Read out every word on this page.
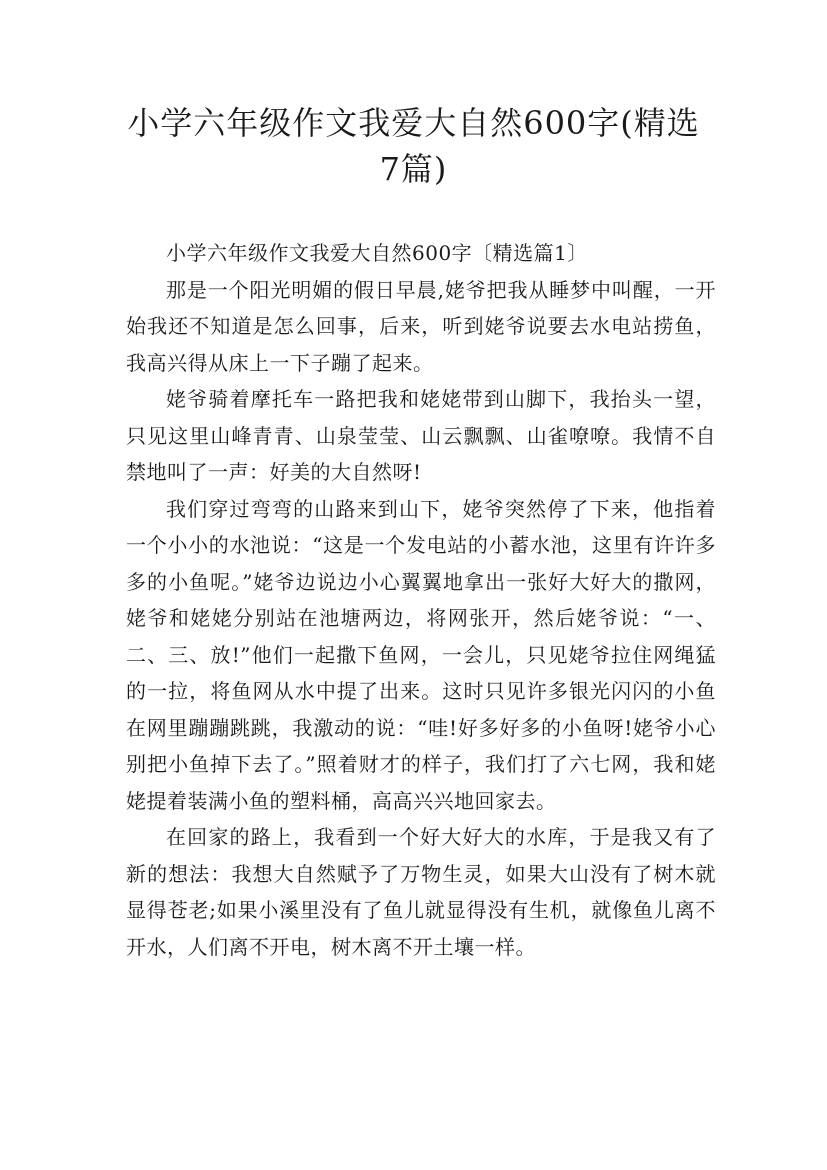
小学六年级作文我爱大自然600字(精选7篇)

小学六年级作文我爱大自然600字〔精选篇1〕

那是一个阳光明媚的假日早晨,姥爷把我从睡梦中叫醒，一开始我还不知道是怎么回事，后来，听到姥爷说要去水电站捞鱼，我高兴得从床上一下子蹦了起来。

姥爷骑着摩托车一路把我和姥姥带到山脚下，我抬头一望，只见这里山峰青青、山泉莹莹、山云飘飘、山雀嘹嘹。我情不自禁地叫了一声：好美的大自然呀!

我们穿过弯弯的山路来到山下，姥爷突然停了下来，他指着一个小小的水池说：“这是一个发电站的小蓄水池，这里有许许多多的小鱼呢。”姥爷边说边小心翼翼地拿出一张好大好大的撒网，姥爷和姥姥分别站在池塘两边，将网张开，然后姥爷说：“一、二、三、放!”他们一起撒下鱼网，一会儿，只见姥爷拉住网绳猛的一拉，将鱼网从水中提了出来。这时只见许多银光闪闪的小鱼在网里蹦蹦跳跳，我激动的说：“哇!好多好多的小鱼呀!姥爷小心别把小鱼掉下去了。”照着财才的样子，我们打了六七网，我和姥姥提着装满小鱼的塑料桶，高高兴兴地回家去。

在回家的路上，我看到一个好大好大的水库，于是我又有了新的想法：我想大自然赋予了万物生灵，如果大山没有了树木就显得苍老;如果小溪里没有了鱼儿就显得没有生机，就像鱼儿离不开水，人们离不开电，树木离不开土壤一样。
